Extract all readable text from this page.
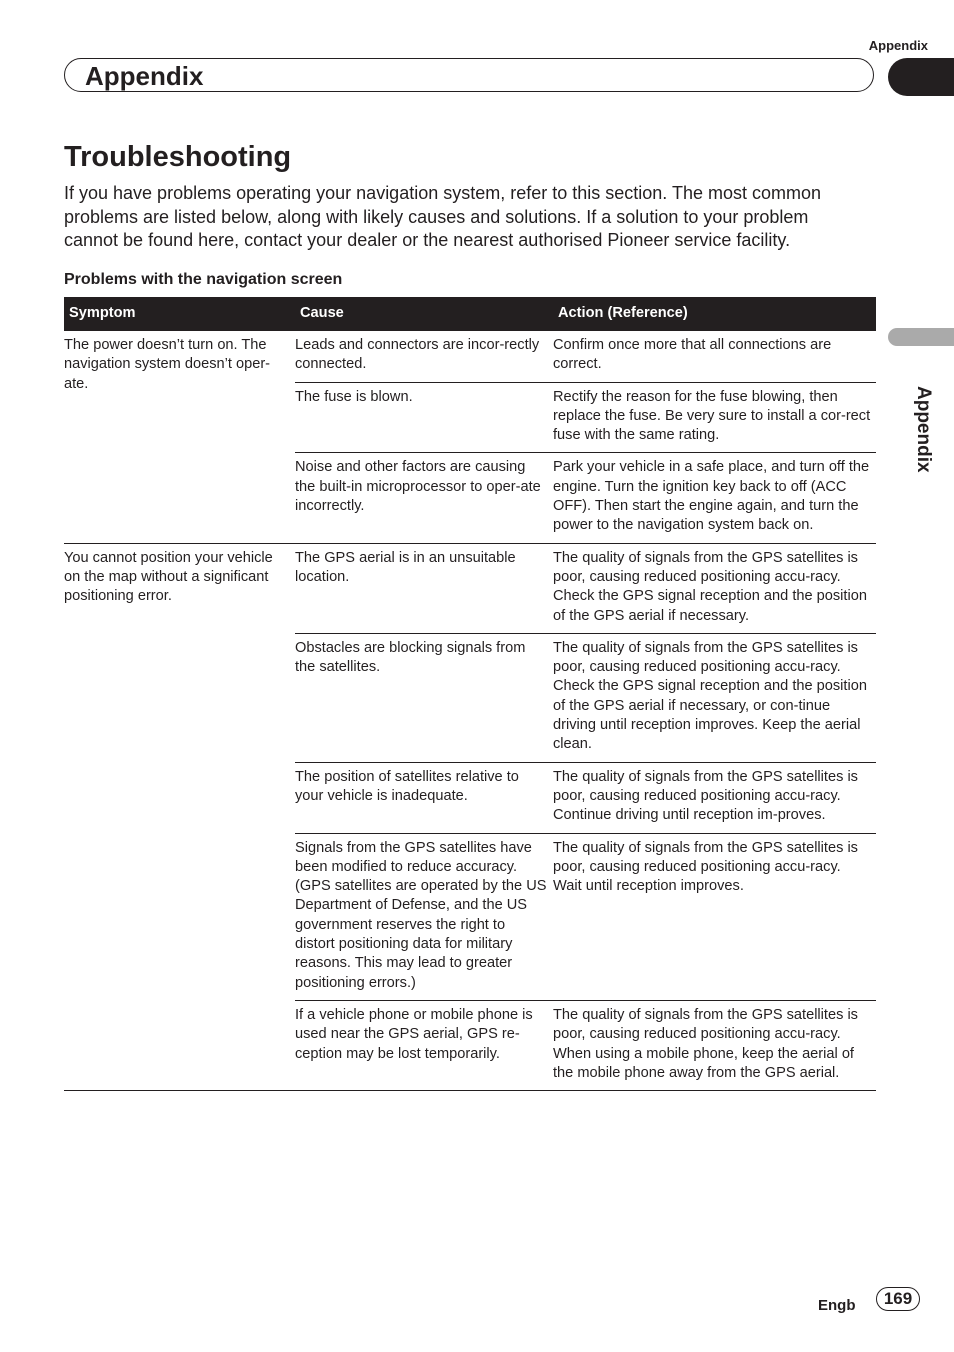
Appendix
Appendix
Appendix
Troubleshooting

If you have problems operating your navigation system, refer to this section. The most common problems are listed below, along with likely causes and solutions. If a solution to your problem cannot be found here, contact your dealer or the nearest authorised Pioneer service facility.

Problems with the navigation screen

Symptom	Cause	Action (Reference)
The power doesn’t turn on. The navigation system doesn’t oper-ate.	Leads and connectors are incor-rectly connected.	Confirm once more that all connections are correct.
	The fuse is blown.	Rectify the reason for the fuse blowing, then replace the fuse. Be very sure to install a cor-rect fuse with the same rating.
	Noise and other factors are causing the built-in microprocessor to oper-ate incorrectly.	Park your vehicle in a safe place, and turn off the engine. Turn the ignition key back to off (ACC OFF). Then start the engine again, and turn the power to the navigation system back on.
You cannot position your vehicle on the map without a significant positioning error.	The GPS aerial is in an unsuitable location.	The quality of signals from the GPS satellites is poor, causing reduced positioning accu-racy. Check the GPS signal reception and the position of the GPS aerial if necessary.
	Obstacles are blocking signals from the satellites.	The quality of signals from the GPS satellites is poor, causing reduced positioning accu-racy. Check the GPS signal reception and the position of the GPS aerial if necessary, or con-tinue driving until reception improves. Keep the aerial clean.
	The position of satellites relative to your vehicle is inadequate.	The quality of signals from the GPS satellites is poor, causing reduced positioning accu-racy. Continue driving until reception im-proves.
	Signals from the GPS satellites have been modified to reduce accuracy. (GPS satellites are operated by the US Department of Defense, and the US government reserves the right to distort positioning data for military reasons. This may lead to greater positioning errors.)	The quality of signals from the GPS satellites is poor, causing reduced positioning accu-racy. Wait until reception improves.
	If a vehicle phone or mobile phone is used near the GPS aerial, GPS re-ception may be lost temporarily.	The quality of signals from the GPS satellites is poor, causing reduced positioning accu-racy. When using a mobile phone, keep the aerial of the mobile phone away from the GPS aerial.
Engb	169
